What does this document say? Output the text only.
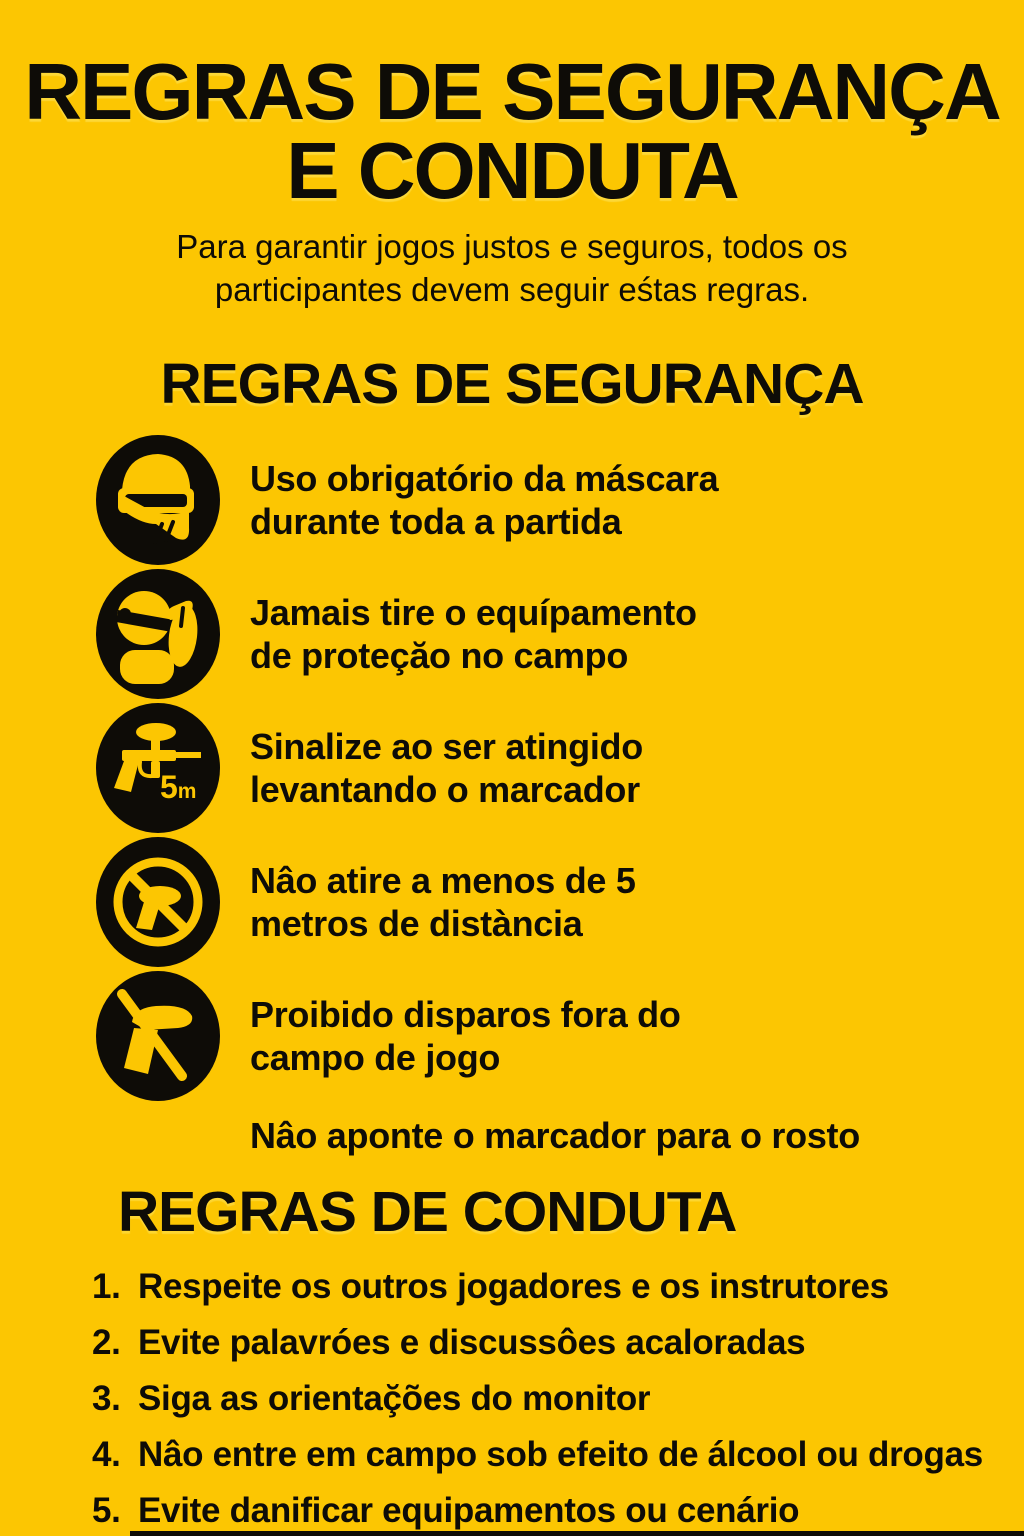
REGRAS DE SEGURANÇA
E CONDUTA
Para garantir jogos justos e seguros, todos os
participantes devem seguir eśtas regras.
REGRAS DE SEGURANÇA
Uso obrigatório da máscara
durante toda a partida
Jamais tire o equípamento
de proteçăo no campo
5m
Sinalize ao ser atingido
levantando o marcador
Nâo atire a menos de 5
metros de distància
Proibido disparos fora do
campo de jogo
Nâo aponte o marcador para o rosto
REGRAS DE CONDUTA
1. Respeite os outros jogadores e os instrutores
2. Evite palavróes e discussôes acaloradas
3. Siga as orientaç̆ões do monitor
4. Nâo entre em campo sob efeito de álcool ou drogas
5. Evite danificar equipamentos ou cenário
